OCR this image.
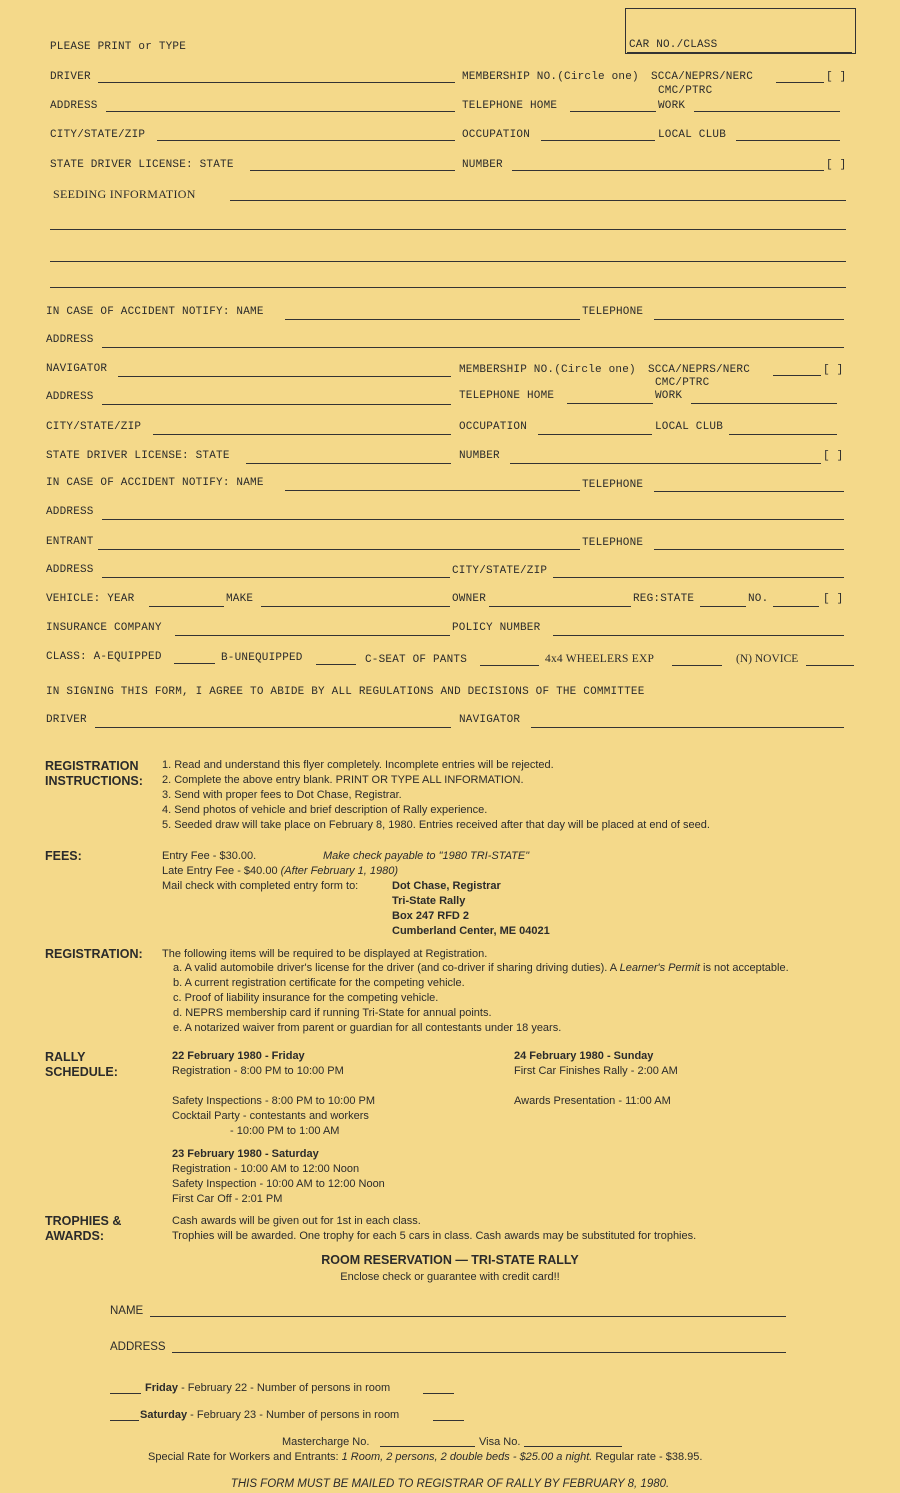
CAR NO./CLASS
PLEASE PRINT or TYPE
DRIVER	MEMBERSHIP NO.(Circle one) SCCA/NEPRS/NERC	[ ]
CMC/PTRC
ADDRESS	TELEPHONE HOME	WORK
CITY/STATE/ZIP	OCCUPATION	LOCAL CLUB
STATE DRIVER LICENSE: STATE	NUMBER	[ ]
SEEDING INFORMATION
IN CASE OF ACCIDENT NOTIFY: NAME	TELEPHONE
ADDRESS
NAVIGATOR	MEMBERSHIP NO.(Circle one) SCCA/NEPRS/NERC	[ ]
CMC/PTRC
ADDRESS	TELEPHONE HOME	WORK
CITY/STATE/ZIP	OCCUPATION	LOCAL CLUB
STATE DRIVER LICENSE: STATE	NUMBER	[ ]
IN CASE OF ACCIDENT NOTIFY: NAME	TELEPHONE
ADDRESS
ENTRANT	TELEPHONE
ADDRESS	CITY/STATE/ZIP
VEHICLE: YEAR	MAKE	OWNER	REG:STATE	NO.	[ ]
INSURANCE COMPANY	POLICY NUMBER
CLASS: A-EQUIPPED	B-UNEQUIPPED	C-SEAT OF PANTS	4x4 WHEELERS EXP	(N) NOVICE
IN SIGNING THIS FORM, I AGREE TO ABIDE BY ALL REGULATIONS AND DECISIONS OF THE COMMITTEE
DRIVER	NAVIGATOR
REGISTRATION
INSTRUCTIONS:
1. Read and understand this flyer completely. Incomplete entries will be rejected.
2. Complete the above entry blank. PRINT OR TYPE ALL INFORMATION.
3. Send with proper fees to Dot Chase, Registrar.
4. Send photos of vehicle and brief description of Rally experience.
5. Seeded draw will take place on February 8, 1980. Entries received after that day will be placed at end of seed.
FEES:	Entry Fee - $30.00.	Make check payable to "1980 TRI-STATE"
Late Entry Fee - $40.00 (After February 1, 1980)
Mail check with completed entry form to:	Dot Chase, Registrar
Tri-State Rally
Box 247 RFD 2
Cumberland Center, ME 04021
REGISTRATION: The following items will be required to be displayed at Registration.
a. A valid automobile driver's license for the driver (and co-driver if sharing driving duties). A Learner's Permit is not acceptable.
b. A current registration certificate for the competing vehicle.
c. Proof of liability insurance for the competing vehicle.
d. NEPRS membership card if running Tri-State for annual points.
e. A notarized waiver from parent or guardian for all contestants under 18 years.
RALLY
SCHEDULE:
22 February 1980 - Friday
Registration - 8:00 PM to 10:00 PM
Safety Inspections - 8:00 PM to 10:00 PM
Cocktail Party - contestants and workers
- 10:00 PM to 1:00 AM
23 February 1980 - Saturday
Registration - 10:00 AM to 12:00 Noon
Safety Inspection - 10:00 AM to 12:00 Noon
First Car Off - 2:01 PM
24 February 1980 - Sunday
First Car Finishes Rally - 2:00 AM
Awards Presentation - 11:00 AM
TROPHIES &
AWARDS:
Cash awards will be given out for 1st in each class.
Trophies will be awarded. One trophy for each 5 cars in class. Cash awards may be substituted for trophies.
ROOM RESERVATION — TRI-STATE RALLY
Enclose check or guarantee with credit card!!
NAME
ADDRESS
Friday - February 22 - Number of persons in room
Saturday - February 23 - Number of persons in room
Mastercharge No.	Visa No.
Special Rate for Workers and Entrants: 1 Room, 2 persons, 2 double beds - $25.00 a night. Regular rate - $38.95.
THIS FORM MUST BE MAILED TO REGISTRAR OF RALLY BY FEBRUARY 8, 1980.
